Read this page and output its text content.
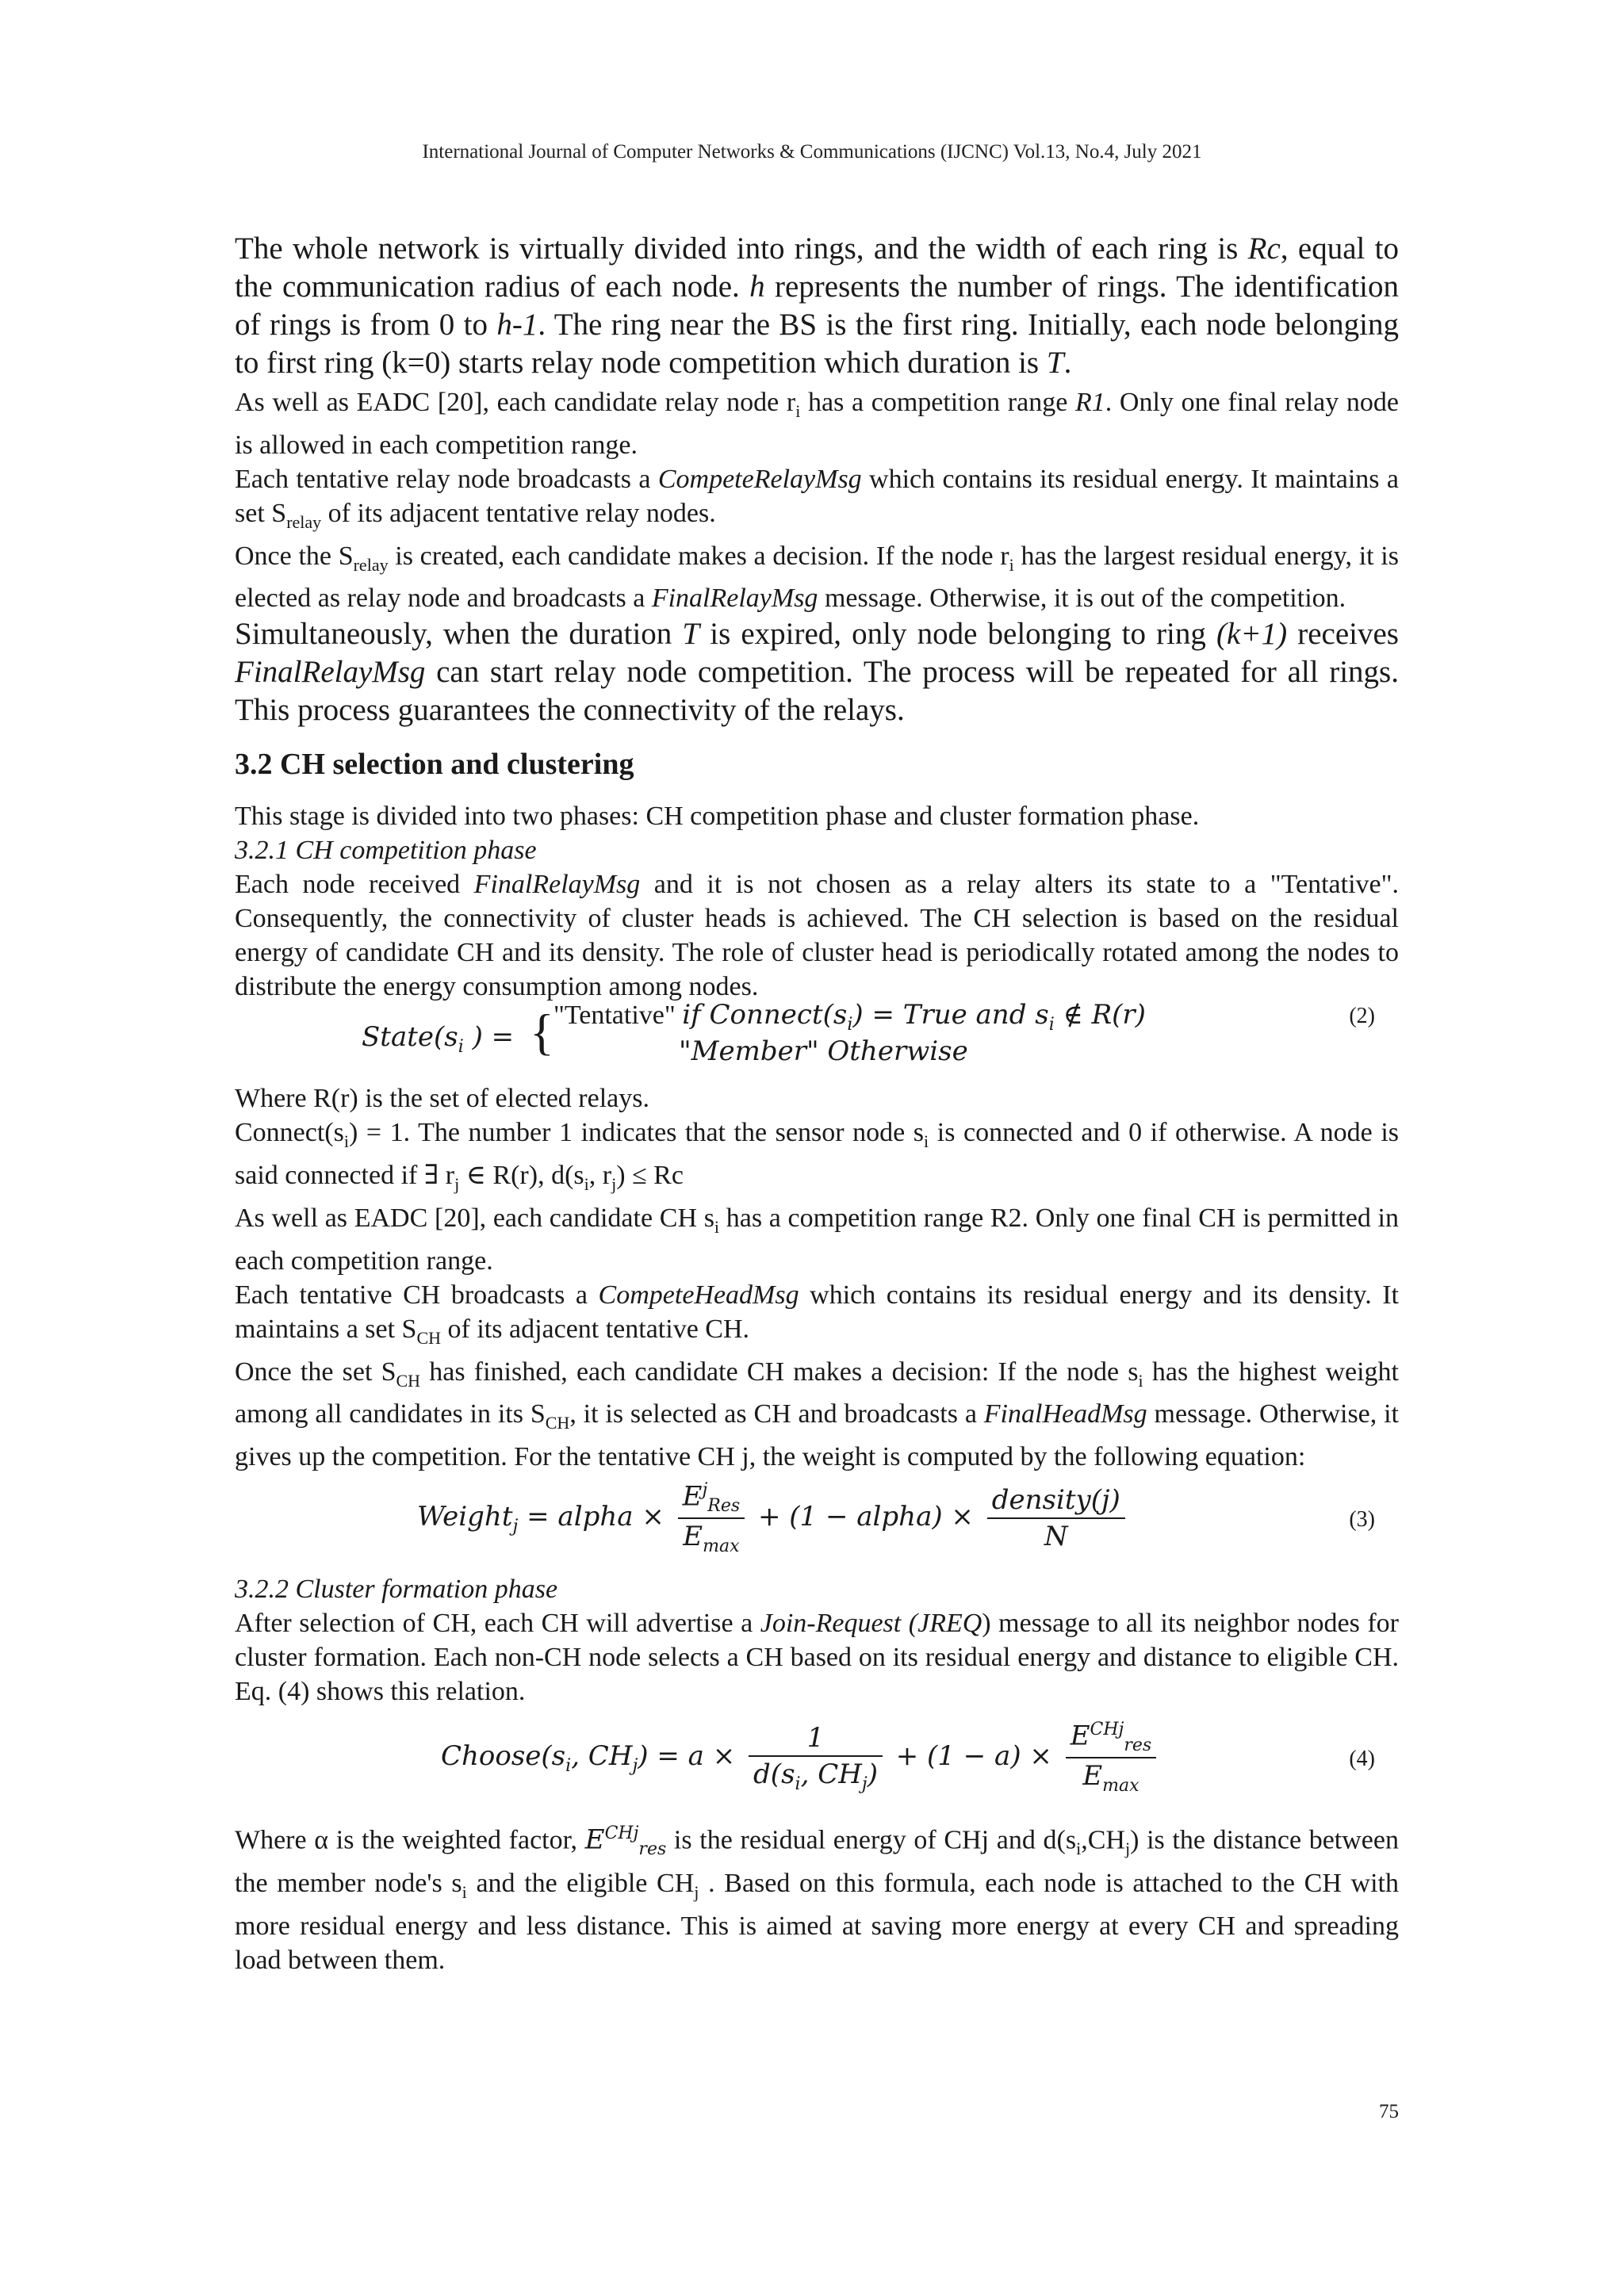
International Journal of Computer Networks & Communications (IJCNC) Vol.13, No.4, July 2021

The whole network is virtually divided into rings, and the width of each ring is Rc, equal to the communication radius of each node. h represents the number of rings. The identification of rings is from 0 to h-1. The ring near the BS is the first ring. Initially, each node belonging to first ring (k=0) starts relay node competition which duration is T.

As well as EADC [20], each candidate relay node $r_i$ has a competition range R1. Only one final relay node is allowed in each competition range.

Each tentative relay node broadcasts a CompeteRelayMsg which contains its residual energy. It maintains a set $S_{relay}$ of its adjacent tentative relay nodes.

Once the $S_{relay}$ is created, each candidate makes a decision. If the node $r_i$ has the largest residual energy, it is elected as relay node and broadcasts a FinalRelayMsg message. Otherwise, it is out of the competition.

Simultaneously, when the duration T is expired, only node belonging to ring (k+1) receives FinalRelayMsg can start relay node competition. The process will be repeated for all rings. This process guarantees the connectivity of the relays.

3.2 CH selection and clustering

This stage is divided into two phases: CH competition phase and cluster formation phase.

3.2.1 CH competition phase

Each node received FinalRelayMsg and it is not chosen as a relay alters its state to a "Tentative". Consequently, the connectivity of cluster heads is achieved. The CH selection is based on the residual energy of candidate CH and its density. The role of cluster head is periodically rotated among the nodes to distribute the energy consumption among nodes.

$State(s_i$ ) = { "Tentative" if $Connect(s_i)$ = True and $s_i$ ∉ R(r)
"Member" Otherwise
(2)

Where R(r) is the set of elected relays.

$Connect(s_i) = 1$. The number 1 indicates that the sensor node $s_i$ is connected and 0 if otherwise. A node is said connected if ∃ $r_j$ ∈ R(r), $d(s_i$, $r_j) \le Rc$

As well as EADC [20], each candidate CH $s_i$ has a competition range R2. Only one final CH is permitted in each competition range.

Each tentative CH broadcasts a CompeteHeadMsg which contains its residual energy and its density. It maintains a set $S_{CH}$ of its adjacent tentative CH.

Once the set $S_{CH}$ has finished, each candidate CH makes a decision: If the node $s_i$ has the highest weight among all candidates in its $S_{CH}$, it is selected as CH and broadcasts a FinalHeadMsg message. Otherwise, it gives up the competition. For the tentative CH j, the weight is computed by the following equation:

Weight$_j$ = alpha × $\frac{E^j_{Res}}{E_{max}} + (1$ − alpha) × $\frac{\text{density(j)}}{N}$	(3)
3.2.2 Cluster formation phase

After selection of CH, each CH will advertise a Join-Request (JREQ) message to all its neighbor nodes for cluster formation. Each non-CH node selects a CH based on its residual energy and distance to eligible CH. Eq. (4) shows this relation.

$Choose(s_i$, $CH_j) = a \times \frac{1}{d(s_i, CH_j)} + (1 - a) \times \frac{E^{CHj}_{res}}{E_{max}}$	(4)

Where α is the weighted factor, $E^{CHj}_{res}$ is the residual energy of CHj and $d(s_i,CH_j)$ is the distance between the member node's $s_i$ and the eligible $CH_j$ . Based on this formula, each node is attached to the CH with more residual energy and less distance. This is aimed at saving more energy at every CH and spreading load between them.

75
